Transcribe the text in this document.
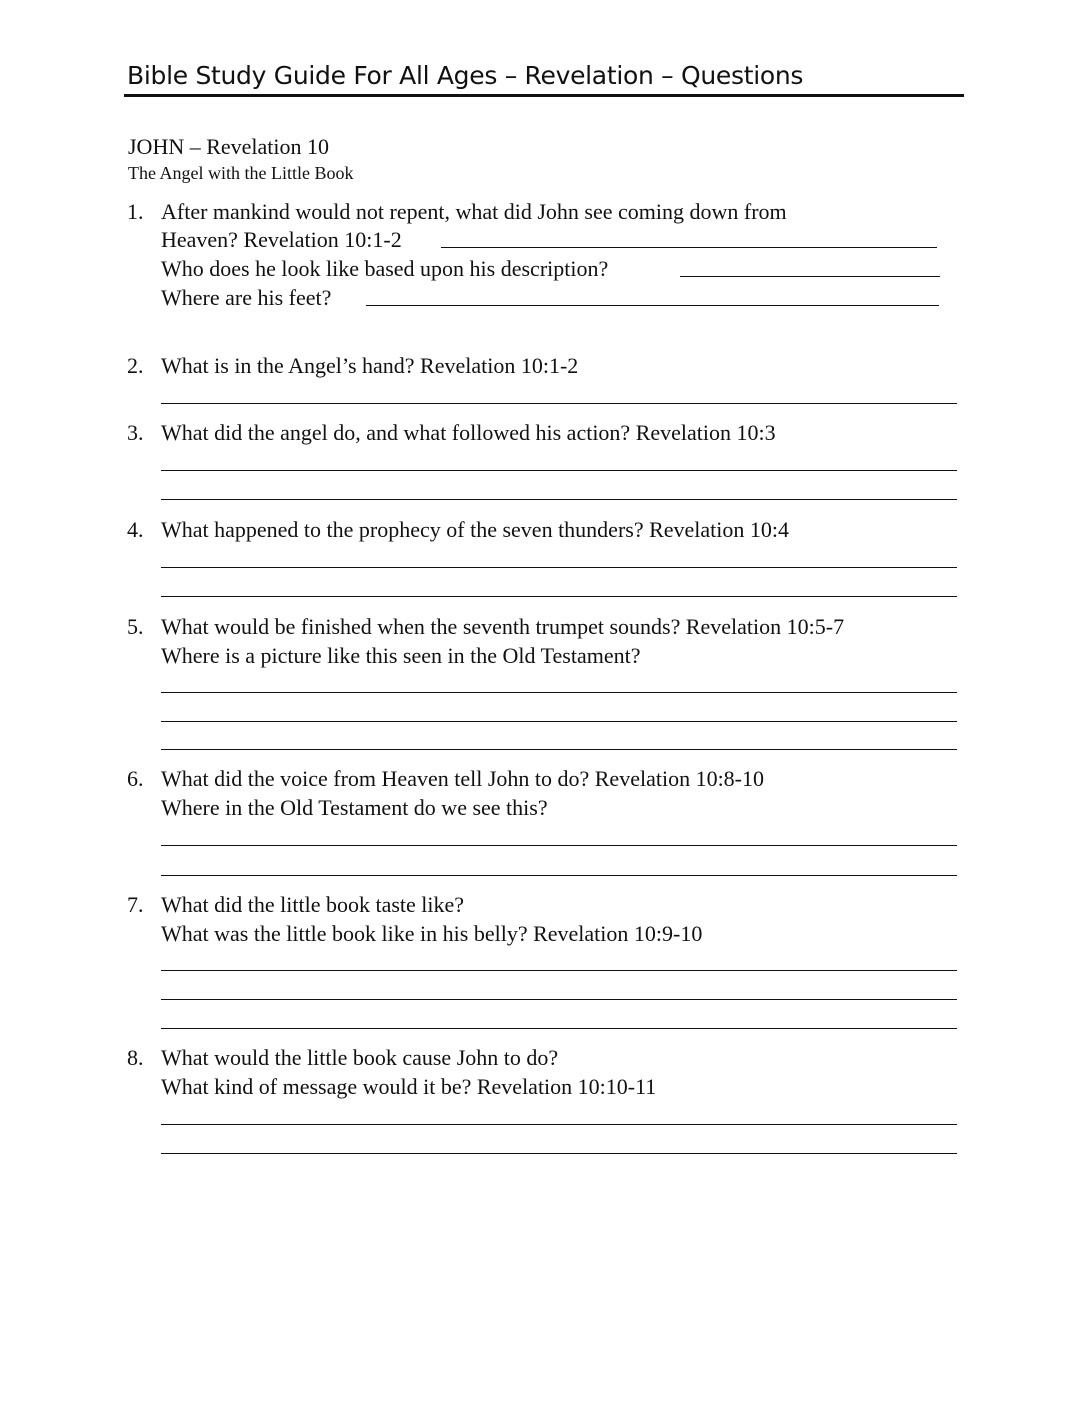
Bible Study Guide For All Ages – Revelation – Questions
JOHN – Revelation 10
The Angel with the Little Book
1. After mankind would not repent, what did John see coming down from
Heaven? Revelation 10:1-2
Who does he look like based upon his description?
Where are his feet?
2. What is in the Angel’s hand? Revelation 10:1-2
3. What did the angel do, and what followed his action? Revelation 10:3
4. What happened to the prophecy of the seven thunders? Revelation 10:4
5. What would be finished when the seventh trumpet sounds? Revelation 10:5-7
Where is a picture like this seen in the Old Testament?
6. What did the voice from Heaven tell John to do? Revelation 10:8-10
Where in the Old Testament do we see this?
7. What did the little book taste like?
What was the little book like in his belly? Revelation 10:9-10
8. What would the little book cause John to do?
What kind of message would it be? Revelation 10:10-11
